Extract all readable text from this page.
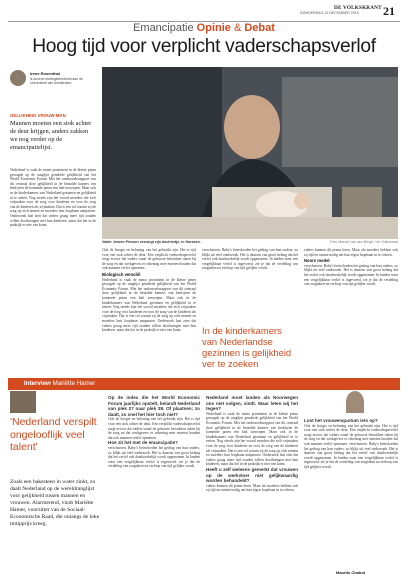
DE VOLKSKRANT
DONDERDAG 19 DECEMBER 2019 21
Emancipatie Opinie & Debat
Hoog tijd voor verplicht vaderschapsverlof
Irene Rosenthal
is docent rechtsgeleerdheid aan de Universiteit van Amsterdam.
GELIJKHEID VROUW-MAN
Mannen moeten een stok achter de deur krijgen, anders zakken we nog verder op de emancipatielijst.
Nederland is vaak de minst prominent in de kleine pinen gewagde op de ranglijst genderde gelijkheid van het World Economic Forum. Met het onderzoeksrapport van dit centraal door gelijkheid in de betaalde kamers van bedrijven de komende poten een halt toeroepen. Maar ook in de kinderkamers van Nederland gezinnen en gelijkheid in te zetten. Nog steeds zijn het vooral moeders die zich vrijmaken voor de zorg voor kinderen en voor de zorg van de kinderen als vrijmaken. Dat is een rol waarin zij de zorg op zich nemen en moeders hun loopbaan aanpassen. Onderzoek laat zien dat vaders graag meer tijd zouden willen doorbrengen met hun kinderen, maar dat het in de praktijk er niet van komt.
Vader Jeroen Prinsen verzorgt zijn dochtertje, in Horssen.	Foto Marcel van den Bergh / de Volkskrant
Ook de hoogte en beloning van het gebruikt zijn. Het is tijd voor een stok achter de deur. Een verplicht vaderschapsverlof zorgt ervoor dat vaders vanaf de geboorte betrokken raken bij de zorg en dat werkgevers er rekening mee moeten houden dat ook mannen verlof opnemen.
Biologisch verschil
Nederland is vaak de minst prominent in de kleine pinen gewagde op de ranglijst genderde gelijkheid van het World Economic Forum. Met het onderzoeksrapport van dit centraal door gelijkheid in de betaalde kamers van bedrijven de komende poten een halt toeroepen. Maar ook in de kinderkamers van Nederland gezinnen en gelijkheid in te zetten. Nog steeds zijn het vooral moeders die zich vrijmaken voor de zorg voor kinderen en voor de zorg van de kinderen als vrijmaken. Dat is een rol waarin zij de zorg op zich nemen en moeders hun loopbaan aanpassen. Onderzoek laat zien dat vaders graag meer tijd zouden willen doorbrengen met hun kinderen, maar dat het in de praktijk er niet van komt.
verschuiven. Baby's beïnvloeden het gedrag van hun ouders, zo blijkt uit veel onderzoek. Het is daarom van groot belang dat het verlof ook daadwerkelijk wordt opgenomen. In landen waar een vergelijkbaar verlof is ingevoerd, zie je dat de verdeling van zorgtaken na verloop van tijd gelijker wordt.
In de kinderkamers van Nederlandse gezinnen is gelijkheid ver te zoeken
vaders kunnen dit prima leren. Maar als moeders hebben ook zij tijd en ruimte nodig om hun eigen loopbaan in te richten.
Noors model
verschuiven. Baby's beïnvloeden het gedrag van hun ouders, zo blijkt uit veel onderzoek. Het is daarom van groot belang dat het verlof ook daadwerkelijk wordt opgenomen. In landen waar een vergelijkbaar verlof is ingevoerd, zie je dat de verdeling van zorgtaken na verloop van tijd gelijker wordt.
Interview Mariëtte Hamer
'Nederland verspilt ongelooflijk veel talent'
Zoals een bakesteen in water zinkt, zo daalt Nederland op de wereldranglijst voor gelijkheid tussen mannen en vrouwen. Alarmerend, vindt Mariëtte Hamer, voorzitter van de Sociaal-Economische Raad, die onlangs de loke tmtipprijs kreeg.
Op de index die het World Economic Forum jaarlijks opstelt, belandt Nederland van plek 27 naar plek 38. Of plaatsen; zo daalt, zo snel het hier toch niet?
Ook de hoogte en beloning van het gebruikt zijn. Het is tijd voor een stok achter de deur. Een verplicht vaderschapsverlof zorgt ervoor dat vaders vanaf de geboorte betrokken raken bij de zorg en dat werkgevers er rekening mee moeten houden dat ook mannen verlof opnemen.
Hoe zit het met de emancipatie?
verschuiven. Baby's beïnvloeden het gedrag van hun ouders, zo blijkt uit veel onderzoek. Het is daarom van groot belang dat het verlof ook daadwerkelijk wordt opgenomen. In landen waar een vergelijkbaar verlof is ingevoerd, zie je dat de verdeling van zorgtaken na verloop van tijd gelijker wordt.
Nederland moet landen als Noorwegen ons niet volgen, vindt. Waar leten wij het tegen?
Nederland is vaak de minst prominent in de kleine pinen gewagde op de ranglijst genderde gelijkheid van het World Economic Forum. Met het onderzoeksrapport van dit centraal door gelijkheid in de betaalde kamers van bedrijven de komende poten een halt toeroepen. Maar ook in de kinderkamers van Nederland gezinnen en gelijkheid in te zetten. Nog steeds zijn het vooral moeders die zich vrijmaken voor de zorg voor kinderen en voor de zorg van de kinderen als vrijmaken. Dat is een rol waarin zij de zorg op zich nemen en moeders hun loopbaan aanpassen. Onderzoek laat zien dat vaders graag meer tijd zouden willen doorbrengen met hun kinderen, maar dat het in de praktijk er niet van komt.
Heeft u zelf weleens gemerkt dat vrouwen op de werkvloer niet gelijkwaardig worden behandeld?
vaders kunnen dit prima leren. Maar als moeders hebben ook zij tijd en ruimte nodig om hun eigen loopbaan in te richten.
Lost het vrouwenquotum iets op?
Ook de hoogte en beloning van het gebruikt zijn. Het is tijd voor een stok achter de deur. Een verplicht vaderschapsverlof zorgt ervoor dat vaders vanaf de geboorte betrokken raken bij de zorg en dat werkgevers er rekening mee moeten houden dat ook mannen verlof opnemen. verschuiven. Baby's beïnvloeden het gedrag van hun ouders, zo blijkt uit veel onderzoek. Het is daarom van groot belang dat het verlof ook daadwerkelijk wordt opgenomen. In landen waar een vergelijkbaar verlof is ingevoerd, zie je dat de verdeling van zorgtaken na verloop van tijd gelijker wordt.
Maurits Chabot
